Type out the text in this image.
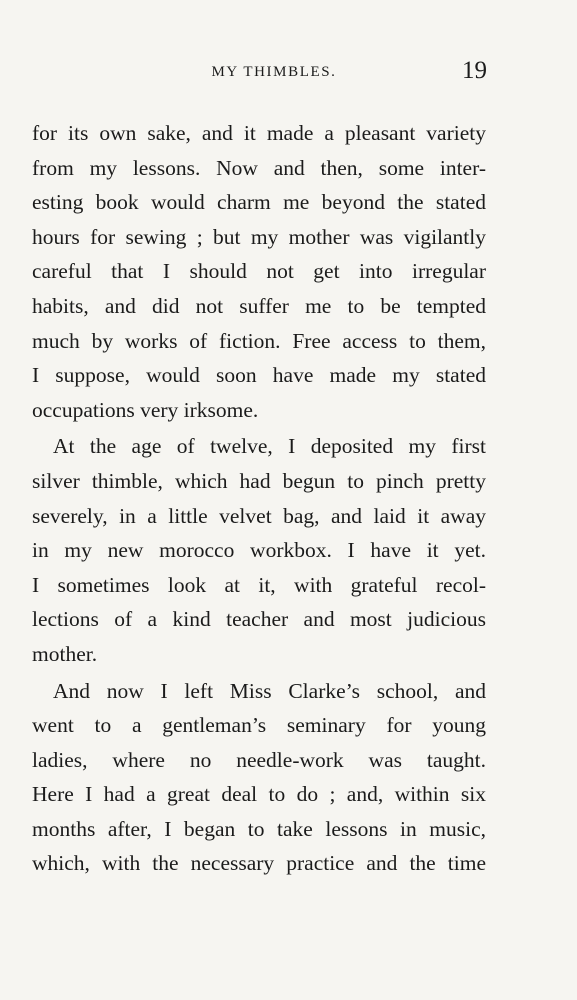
MY THIMBLES.	19
for its own sake, and it made a pleasant variety
from my lessons. Now and then, some inter-
esting book would charm me beyond the stated
hours for sewing ; but my mother was vigilantly
careful that I should not get into irregular
habits, and did not suffer me to be tempted
much by works of fiction. Free access to them,
I suppose, would soon have made my stated
occupations very irksome.
At the age of twelve, I deposited my first
silver thimble, which had begun to pinch pretty
severely, in a little velvet bag, and laid it away
in my new morocco workbox. I have it yet.
I sometimes look at it, with grateful recol-
lections of a kind teacher and most judicious
mother.
And now I left Miss Clarke’s school, and
went to a gentleman’s seminary for young
ladies, where no needle-work was taught.
Here I had a great deal to do ; and, within six
months after, I began to take lessons in music,
which, with the necessary practice and the time
